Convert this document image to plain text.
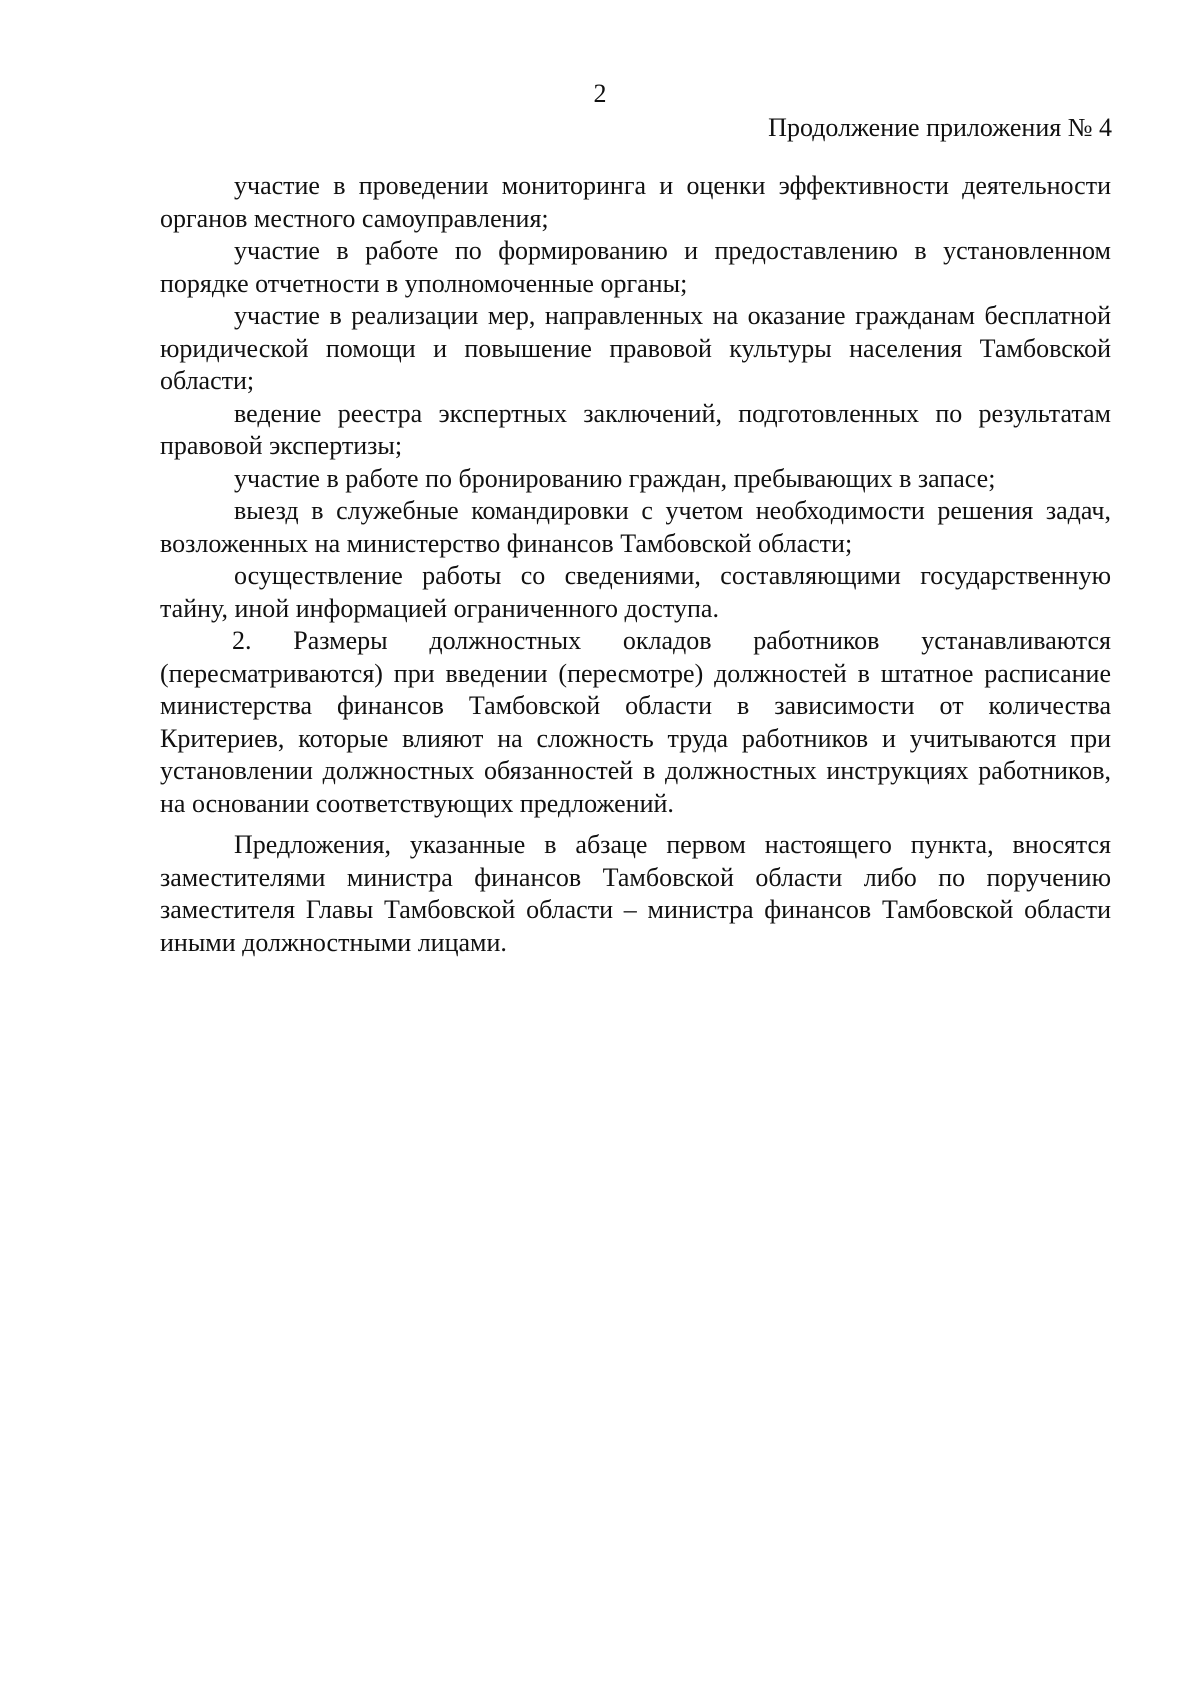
2
Продолжение приложения № 4

участие в проведении мониторинга и оценки эффективности деятельности органов местного самоуправления;

участие в работе по формированию и предоставлению в установленном порядке отчетности в уполномоченные органы;

участие в реализации мер, направленных на оказание гражданам бесплатной юридической помощи и повышение правовой культуры населения Тамбовской области;

ведение реестра экспертных заключений, подготовленных по результатам правовой экспертизы;

участие в работе по бронированию граждан, пребывающих в запасе;

выезд в служебные командировки с учетом необходимости решения задач, возложенных на министерство финансов Тамбовской области;

осуществление работы со сведениями, составляющими государственную тайну, иной информацией ограниченного доступа.

2. Размеры должностных окладов работников устанавливаются (пересматриваются) при введении (пересмотре) должностей в штатное расписание министерства финансов Тамбовской области в зависимости от количества Критериев, которые влияют на сложность труда работников и учитываются при установлении должностных обязанностей в должностных инструкциях работников, на основании соответствующих предложений.

Предложения, указанные в абзаце первом настоящего пункта, вносятся заместителями министра финансов Тамбовской области либо по поручению заместителя Главы Тамбовской области – министра финансов Тамбовской области иными должностными лицами.
